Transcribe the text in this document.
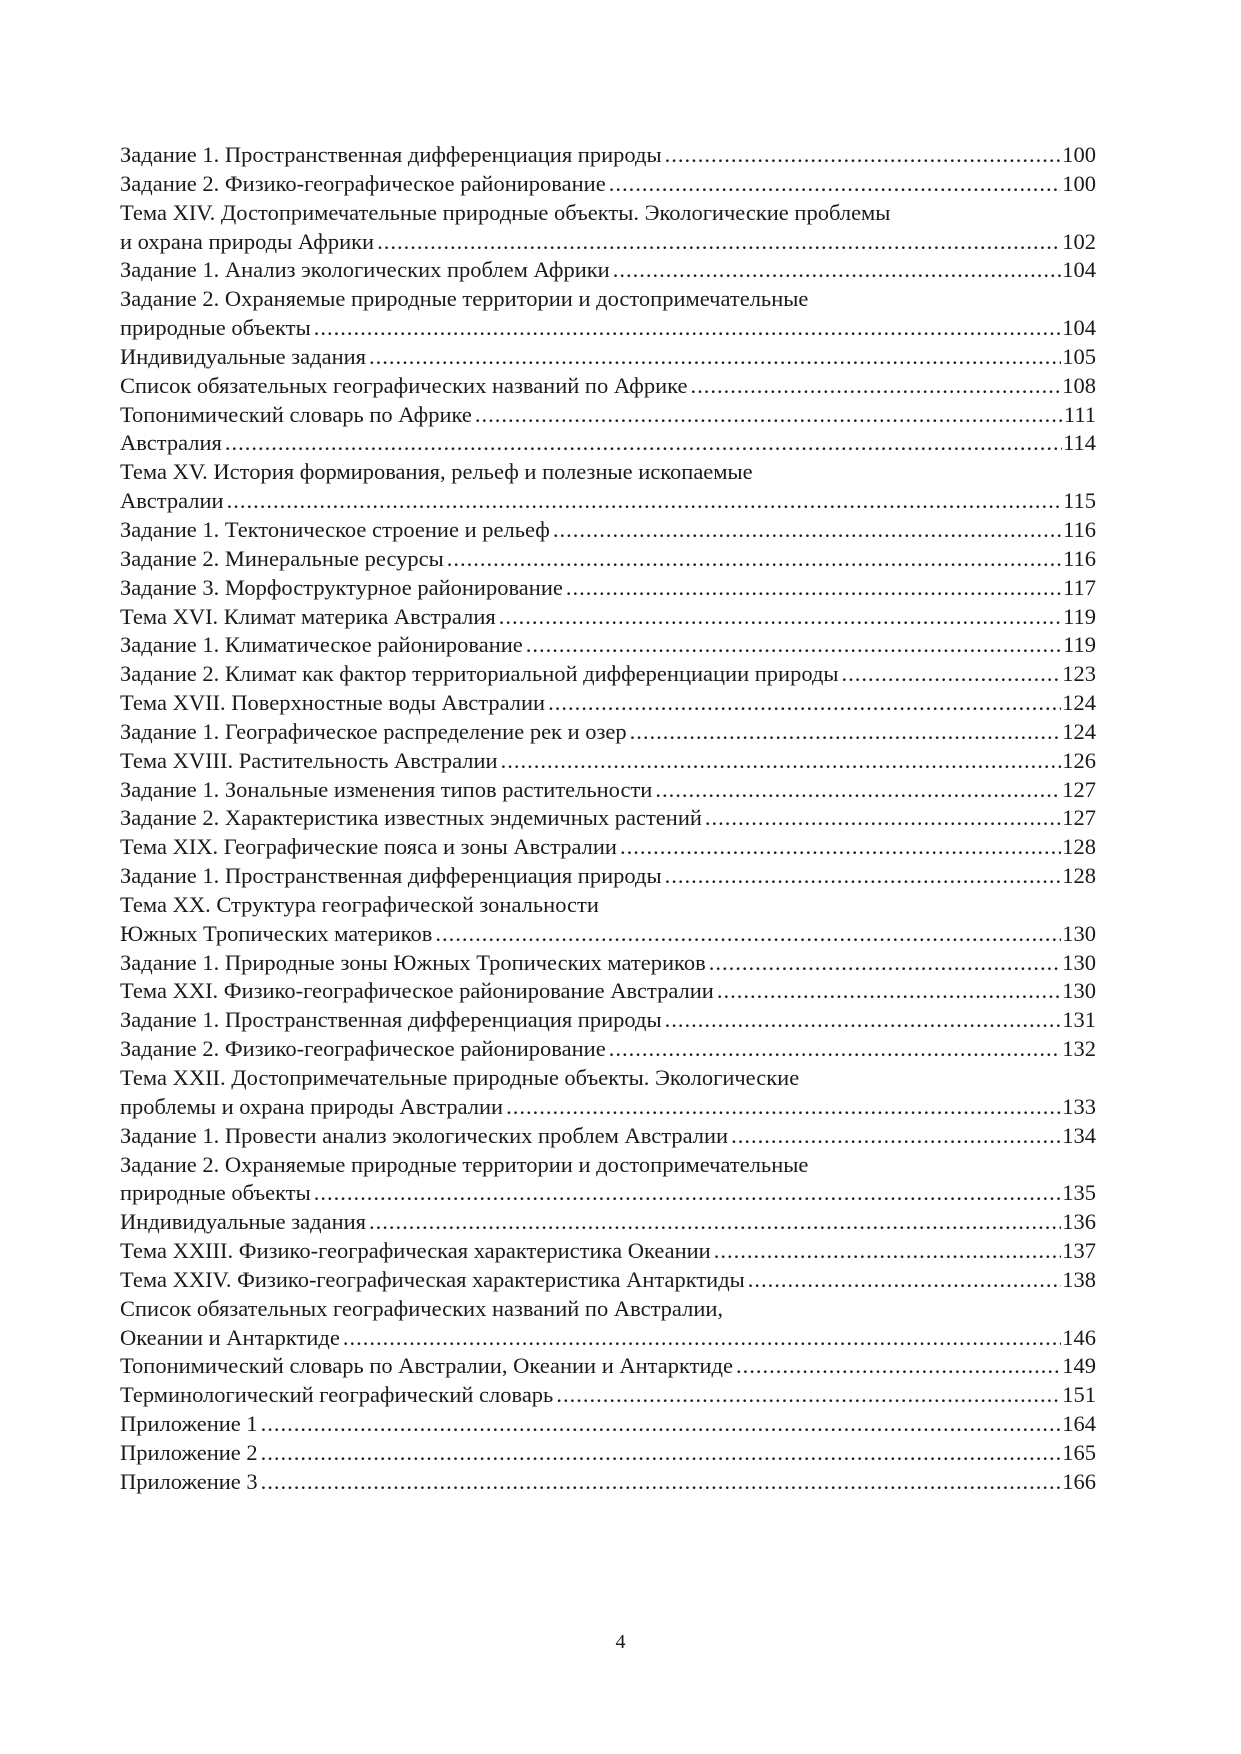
Задание 1. Пространственная дифференциация природы .....	100
Задание 2. Физико-географическое районирование .....	100
Тема XIV. Достопримечательные природные объекты. Экологические проблемы
и охрана природы Африки .....	102
Задание 1. Анализ экологических проблем Африки .....	104
Задание 2. Охраняемые природные территории и достопримечательные
природные объекты .....	104
Индивидуальные задания .....	105
Список обязательных географических названий по Африке .....	108
Топонимический словарь по Африке .....	111
Австралия .....	114
Тема XV. История формирования, рельеф и полезные ископаемые
Австралии .....	115
Задание 1. Тектоническое строение и рельеф .....	116
Задание 2. Минеральные ресурсы .....	116
Задание 3. Морфоструктурное районирование .....	117
Тема XVI. Климат материка Австралия .....	119
Задание 1. Климатическое районирование .....	119
Задание 2. Климат как фактор территориальной дифференциации природы .....	123
Тема XVII. Поверхностные воды Австралии .....	124
Задание 1. Географическое распределение рек и озер .....	124
Тема XVIII. Растительность Австралии .....	126
Задание 1. Зональные изменения типов растительности .....	127
Задание 2. Характеристика известных эндемичных растений .....	127
Тема XIX. Географические пояса и зоны Австралии .....	128
Задание 1. Пространственная дифференциация природы .....	128
Тема XX. Структура географической зональности
Южных Тропических материков .....	130
Задание 1. Природные зоны Южных Тропических материков .....	130
Тема XXI. Физико-географическое районирование Австралии .....	130
Задание 1. Пространственная дифференциация природы .....	131
Задание 2. Физико-географическое районирование .....	132
Тема XXII. Достопримечательные природные объекты. Экологические
проблемы и охрана природы Австралии .....	133
Задание 1. Провести анализ экологических проблем Австралии .....	134
Задание 2. Охраняемые природные территории и достопримечательные
природные объекты .....	135
Индивидуальные задания .....	136
Тема XXIII. Физико-географическая характеристика Океании .....	137
Тема XXIV. Физико-географическая характеристика Антарктиды .....	138
Список обязательных географических названий по Австралии,
Океании и Антарктиде .....	146
Топонимический словарь по Австралии, Океании и Антарктиде .....	149
Терминологический географический словарь .....	151
Приложение 1 .....	164
Приложение 2 .....	165
Приложение 3 .....	166
4
